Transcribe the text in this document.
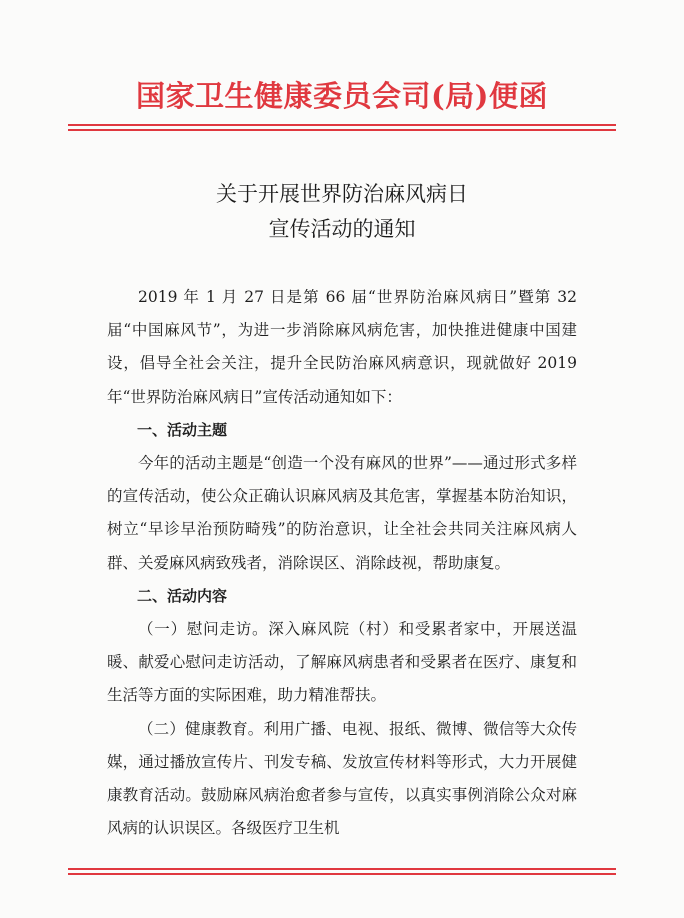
国家卫生健康委员会司(局)便函
关于开展世界防治麻风病日
宣传活动的通知

2019 年 1 月 27 日是第 66 届“世界防治麻风病日”暨第 32 届“中国麻风节”，为进一步消除麻风病危害，加快推进健康中国建设，倡导全社会关注，提升全民防治麻风病意识，现就做好 2019 年“世界防治麻风病日”宣传活动通知如下：

一、活动主题

今年的活动主题是“创造一个没有麻风的世界”——通过形式多样的宣传活动，使公众正确认识麻风病及其危害，掌握基本防治知识，树立“早诊早治预防畸残”的防治意识，让全社会共同关注麻风病人群、关爱麻风病致残者，消除误区、消除歧视，帮助康复。

二、活动内容

（一）慰问走访。深入麻风院（村）和受累者家中，开展送温暖、献爱心慰问走访活动，了解麻风病患者和受累者在医疗、康复和生活等方面的实际困难，助力精准帮扶。

（二）健康教育。利用广播、电视、报纸、微博、微信等大众传媒，通过播放宣传片、刊发专稿、发放宣传材料等形式，大力开展健康教育活动。鼓励麻风病治愈者参与宣传，以真实事例消除公众对麻风病的认识误区。各级医疗卫生机
